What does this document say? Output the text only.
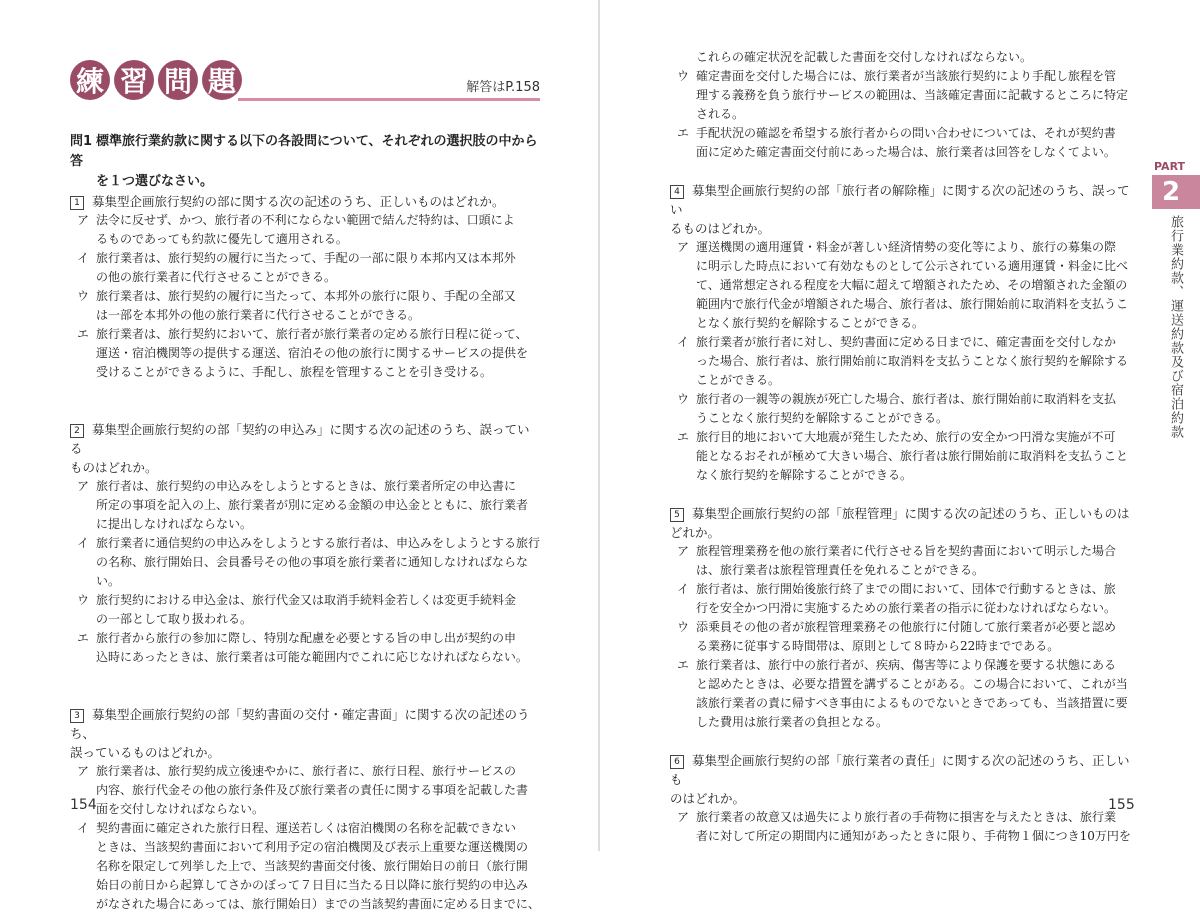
練 習 問 題	解答はP.158
問1 標準旅行業約款に関する以下の各設問について、それぞれの選択肢の中から答
を１つ選びなさい。
1 募集型企画旅行契約の部に関する次の記述のうち、正しいものはどれか。
ア 法令に反せず、かつ、旅行者の不利にならない範囲で結んだ特約は、口頭によ
るものであっても約款に優先して適用される。
イ 旅行業者は、旅行契約の履行に当たって、手配の一部に限り本邦内又は本邦外
の他の旅行業者に代行させることができる。
ウ 旅行業者は、旅行契約の履行に当たって、本邦外の旅行に限り、手配の全部又
は一部を本邦外の他の旅行業者に代行させることができる。
エ 旅行業者は、旅行契約において、旅行者が旅行業者の定める旅行日程に従って、
運送・宿泊機関等の提供する運送、宿泊その他の旅行に関するサービスの提供を
受けることができるように、手配し、旅程を管理することを引き受ける。
2 募集型企画旅行契約の部「契約の申込み」に関する次の記述のうち、誤っている
ものはどれか。
ア 旅行者は、旅行契約の申込みをしようとするときは、旅行業者所定の申込書に
所定の事項を記入の上、旅行業者が別に定める金額の申込金とともに、旅行業者
に提出しなければならない。
イ 旅行業者に通信契約の申込みをしようとする旅行者は、申込みをしようとする旅行
の名称、旅行開始日、会員番号その他の事項を旅行業者に通知しなければならない。
ウ 旅行契約における申込金は、旅行代金又は取消手続料金若しくは変更手続料金
の一部として取り扱われる。
エ 旅行者から旅行の参加に際し、特別な配慮を必要とする旨の申し出が契約の申
込時にあったときは、旅行業者は可能な範囲内でこれに応じなければならない。
3 募集型企画旅行契約の部「契約書面の交付・確定書面」に関する次の記述のうち、
誤っているものはどれか。
ア 旅行業者は、旅行契約成立後速やかに、旅行者に、旅行日程、旅行サービスの
内容、旅行代金その他の旅行条件及び旅行業者の責任に関する事項を記載した書
面を交付しなければならない。
イ 契約書面に確定された旅行日程、運送若しくは宿泊機関の名称を記載できない
ときは、当該契約書面において利用予定の宿泊機関及び表示上重要な運送機関の
名称を限定して列挙した上で、当該契約書面交付後、旅行開始日の前日（旅行開
始日の前日から起算してさかのぼって７日目に当たる日以降に旅行契約の申込み
がなされた場合にあっては、旅行開始日）までの当該契約書面に定める日までに、
154
これらの確定状況を記載した書面を交付しなければならない。
ウ 確定書面を交付した場合には、旅行業者が当該旅行契約により手配し旅程を管
理する義務を負う旅行サービスの範囲は、当該確定書面に記載するところに特定
される。
エ 手配状況の確認を希望する旅行者からの問い合わせについては、それが契約書
面に定めた確定書面交付前にあった場合は、旅行業者は回答をしなくてよい。
4 募集型企画旅行契約の部「旅行者の解除権」に関する次の記述のうち、誤ってい
るものはどれか。
ア 運送機関の適用運賃・料金が著しい経済情勢の変化等により、旅行の募集の際
に明示した時点において有効なものとして公示されている適用運賃・料金に比べ
て、通常想定される程度を大幅に超えて増額されたため、その増額された金額の
範囲内で旅行代金が増額された場合、旅行者は、旅行開始前に取消料を支払うこ
となく旅行契約を解除することができる。
イ 旅行業者が旅行者に対し、契約書面に定める日までに、確定書面を交付しなか
った場合、旅行者は、旅行開始前に取消料を支払うことなく旅行契約を解除する
ことができる。
ウ 旅行者の一親等の親族が死亡した場合、旅行者は、旅行開始前に取消料を支払
うことなく旅行契約を解除することができる。
エ 旅行目的地において大地震が発生したため、旅行の安全かつ円滑な実施が不可
能となるおそれが極めて大きい場合、旅行者は旅行開始前に取消料を支払うこと
なく旅行契約を解除することができる。
5 募集型企画旅行契約の部「旅程管理」に関する次の記述のうち、正しいものはどれか。
ア 旅程管理業務を他の旅行業者に代行させる旨を契約書面において明示した場合
は、旅行業者は旅程管理責任を免れることができる。
イ 旅行者は、旅行開始後旅行終了までの間において、団体で行動するときは、旅
行を安全かつ円滑に実施するための旅行業者の指示に従わなければならない。
ウ 添乗員その他の者が旅程管理業務その他旅行に付随して旅行業者が必要と認め
る業務に従事する時間帯は、原則として８時から22時までである。
エ 旅行業者は、旅行中の旅行者が、疾病、傷害等により保護を要する状態にある
と認めたときは、必要な措置を講ずることがある。この場合において、これが当
該旅行業者の責に帰すべき事由によるものでないときであっても、当該措置に要
した費用は旅行業者の負担となる。
6 募集型企画旅行契約の部「旅行業者の責任」に関する次の記述のうち、正しいも
のはどれか。
ア 旅行業者の故意又は過失により旅行者の手荷物に損害を与えたときは、旅行業
者に対して所定の期間内に通知があったときに限り、手荷物１個につき10万円を
155
PART
2
旅行業約款、運送約款及び宿泊約款
